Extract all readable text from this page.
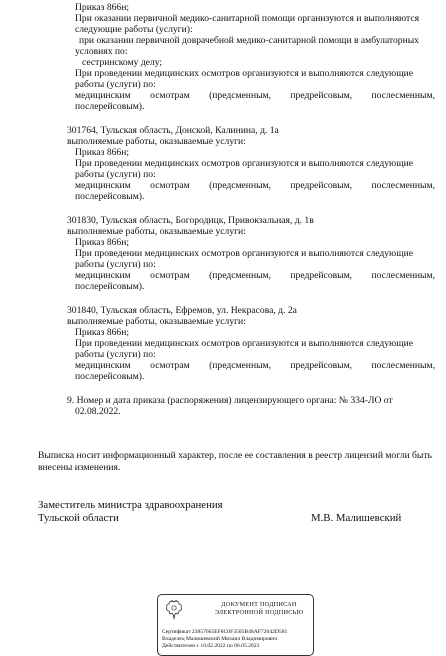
Приказ 866н;
При оказании первичной медико-санитарной помощи организуются и выполняются
следующие работы (услуги):
при оказании первичной доврачебной медико-санитарной помощи в амбулаторных
условиях по:
сестринскому делу;
При проведении медицинских осмотров организуются и выполняются следующие
работы (услуги) по:
медицинским осмотрам (предсменным, предрейсовым, послесменным,
послерейсовым).
301764, Тульская область, Донской, Калинина, д. 1а
выполняемые работы, оказываемые услуги:
Приказ 866н;
При проведении медицинских осмотров организуются и выполняются следующие
работы (услуги) по:
медицинским осмотрам (предсменным, предрейсовым, послесменным,
послерейсовым).
301830, Тульская область, Богородицк, Привокзальная, д. 1в
выполняемые работы, оказываемые услуги:
Приказ 866н;
При проведении медицинских осмотров организуются и выполняются следующие
работы (услуги) по:
медицинским осмотрам (предсменным, предрейсовым, послесменным,
послерейсовым).
301840, Тульская область, Ефремов, ул. Некрасова, д. 2а
выполняемые работы, оказываемые услуги:
Приказ 866н;
При проведении медицинских осмотров организуются и выполняются следующие
работы (услуги) по:
медицинским осмотрам (предсменным, предрейсовым, послесменным,
послерейсовым).
9. Номер и дата приказа (распоряжения) лицензирующего органа: № 334-ЛО от
02.08.2022.
Выписка носит информационный характер, после ее составления в реестр лицензий могли быть
внесены изменения.
Заместитель министра здравоохранения
Тульской области	М.В. Малишевский
ДОКУМЕНТ ПОДПИСАН
ЭЛЕКТРОННОЙ ПОДПИСЬЮ
Сертификат 23857665EF8C0F3505B48AF72042D581
Владелец Малишевский Михаил Владимирович
Действителен с 10.02.2022 по 06.05.2023
